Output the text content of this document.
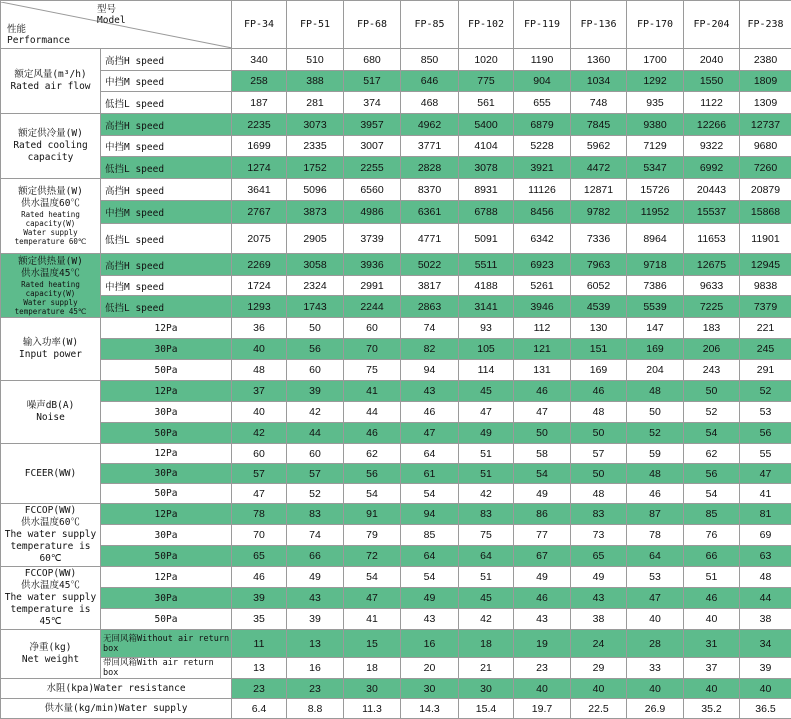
型号
Model
性能
Performance		FP-34	FP-51	FP-68	FP-85	FP-102	FP-119	FP-136	FP-170	FP-204	FP-238
额定风量(m³/h)
Rated air flow	高挡H speed	340	510	680	850	1020	1190	1360	1700	2040	2380
	中挡M speed	258	388	517	646	775	904	1034	1292	1550	1809
	低挡L speed	187	281	374	468	561	655	748	935	1122	1309
额定供冷量(W)
Rated cooling capacity	高挡H speed	2235	3073	3957	4962	5400	6879	7845	9380	12266	12737
	中挡M speed	1699	2335	3007	3771	4104	5228	5962	7129	9322	9680
	低挡L speed	1274	1752	2255	2828	3078	3921	4472	5347	6992	7260
额定供热量(W)
供水温度60℃
Rated heating capacity(W)
Water supply temperature 60℃	高挡H speed	3641	5096	6560	8370	8931	11126	12871	15726	20443	20879
	中挡M speed	2767	3873	4986	6361	6788	8456	9782	11952	15537	15868
	低挡L speed	2075	2905	3739	4771	5091	6342	7336	8964	11653	11901
额定供热量(W)
供水温度45℃
Rated heating capacity(W)
Water supply temperature 45℃	高挡H speed	2269	3058	3936	5022	5511	6923	7963	9718	12675	12945
	中挡M speed	1724	2324	2991	3817	4188	5261	6052	7386	9633	9838
	低挡L speed	1293	1743	2244	2863	3141	3946	4539	5539	7225	7379
输入功率(W)
Input power	12Pa	36	50	60	74	93	112	130	147	183	221
	30Pa	40	56	70	82	105	121	151	169	206	245
	50Pa	48	60	75	94	114	131	169	204	243	291
噪声dB(A)
Noise	12Pa	37	39	41	43	45	46	46	48	50	52
	30Pa	40	42	44	46	47	47	48	50	52	53
	50Pa	42	44	46	47	49	50	50	52	54	56
FCEER(WW)	12Pa	60	60	62	64	51	58	57	59	62	55
	30Pa	57	57	56	61	51	54	50	48	56	47
	50Pa	47	52	54	54	42	49	48	46	54	41
FCCOP(WW)
供水温度60℃
The water supply temperature is 60℃	12Pa	78	83	91	94	83	86	83	87	85	81
	30Pa	70	74	79	85	75	77	73	78	76	69
	50Pa	65	66	72	64	64	67	65	64	66	63
FCCOP(WW)
供水温度45℃
The water supply temperature is 45℃	12Pa	46	49	54	54	51	49	49	53	51	48
	30Pa	39	43	47	49	45	46	43	47	46	44
	50Pa	35	39	41	43	42	43	38	40	40	38
净重(kg)
Net weight	无回风箱Without air return box	11	13	15	16	18	19	24	28	31	34
	带回风箱With air return box	13	16	18	20	21	23	29	33	37	39
水阻(kpa)Water resistance		23	23	30	30	30	40	40	40	40	40
供水量(kg/min)Water supply		6.4	8.8	11.3	14.3	15.4	19.7	22.5	26.9	35.2	36.5
